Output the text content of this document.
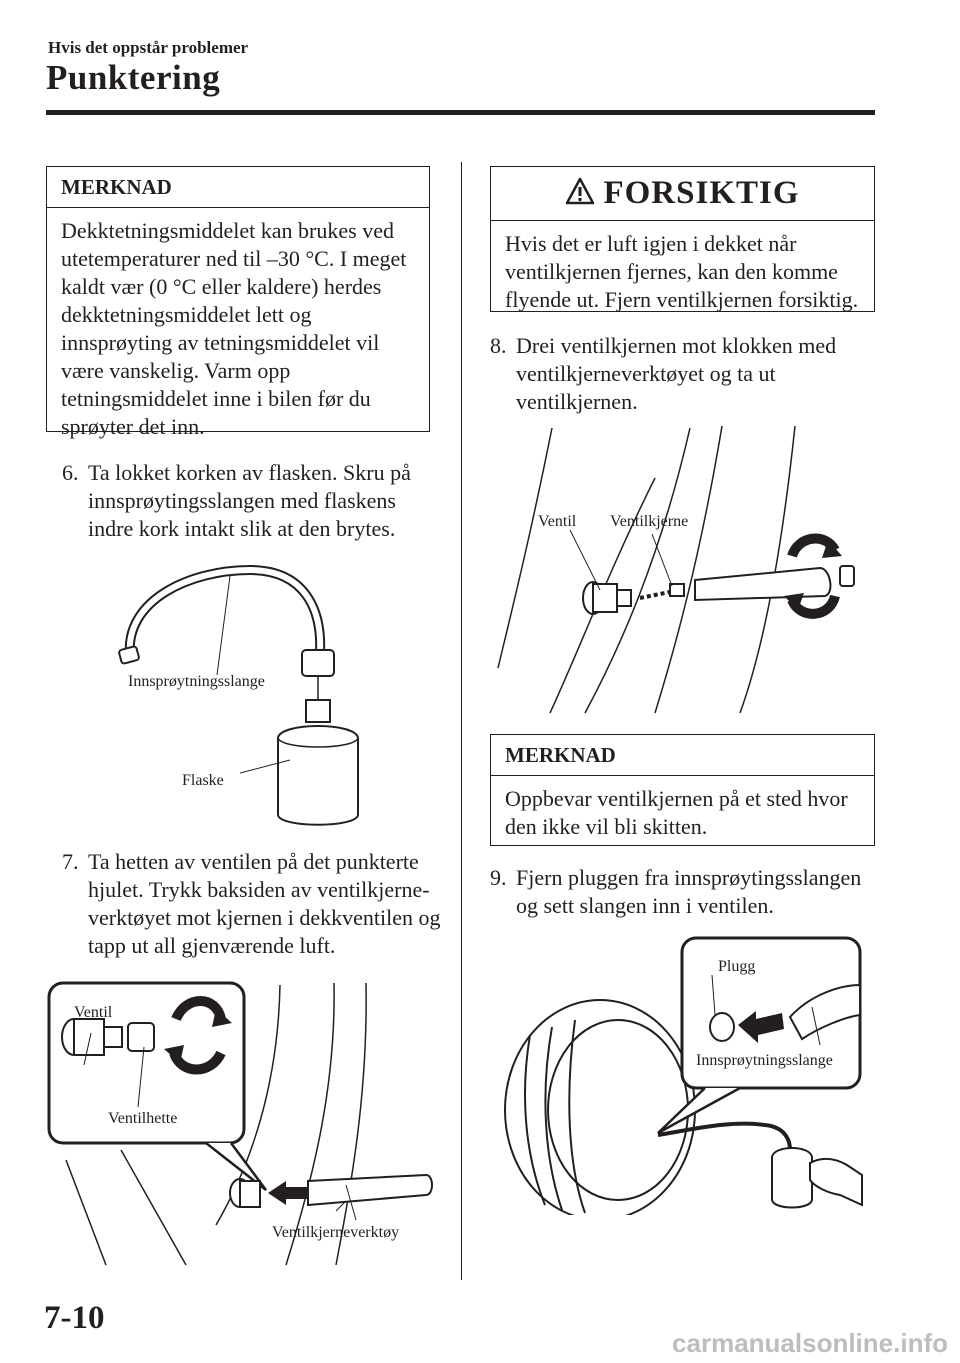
Hvis det oppstår problemer
Punktering
MERKNAD
Dekktetningsmiddelet kan brukes ved utetemperaturer ned til –30 °C. I meget kaldt vær (0 °C eller kaldere) herdes dekktetningsmiddelet lett og innsprøyting av tetningsmiddelet vil være vanskelig. Varm opp tetningsmiddelet inne i bilen før du sprøyter det inn.
6. Ta lokket korken av flasken. Skru på innsprøytingsslangen med flaskens indre kork intakt slik at den brytes.
Innsprøytningsslange
Flaske
7. Ta hetten av ventilen på det punkterte hjulet. Trykk baksiden av ventilkjerne-verktøyet mot kjernen i dekkventilen og tapp ut all gjenværende luft.
Ventil
Ventilhette
Ventilkjerneverktøy
FORSIKTIG
Hvis det er luft igjen i dekket når ventilkjernen fjernes, kan den komme flyende ut. Fjern ventilkjernen forsiktig.
8. Drei ventilkjernen mot klokken med ventilkjerneverktøyet og ta ut ventilkjernen.
Ventil Ventilkjerne
MERKNAD
Oppbevar ventilkjernen på et sted hvor den ikke vil bli skitten.
9. Fjern pluggen fra innsprøytingsslangen og sett slangen inn i ventilen.
Plugg
Innsprøytningsslange
7-10
carmanualsonline.info
